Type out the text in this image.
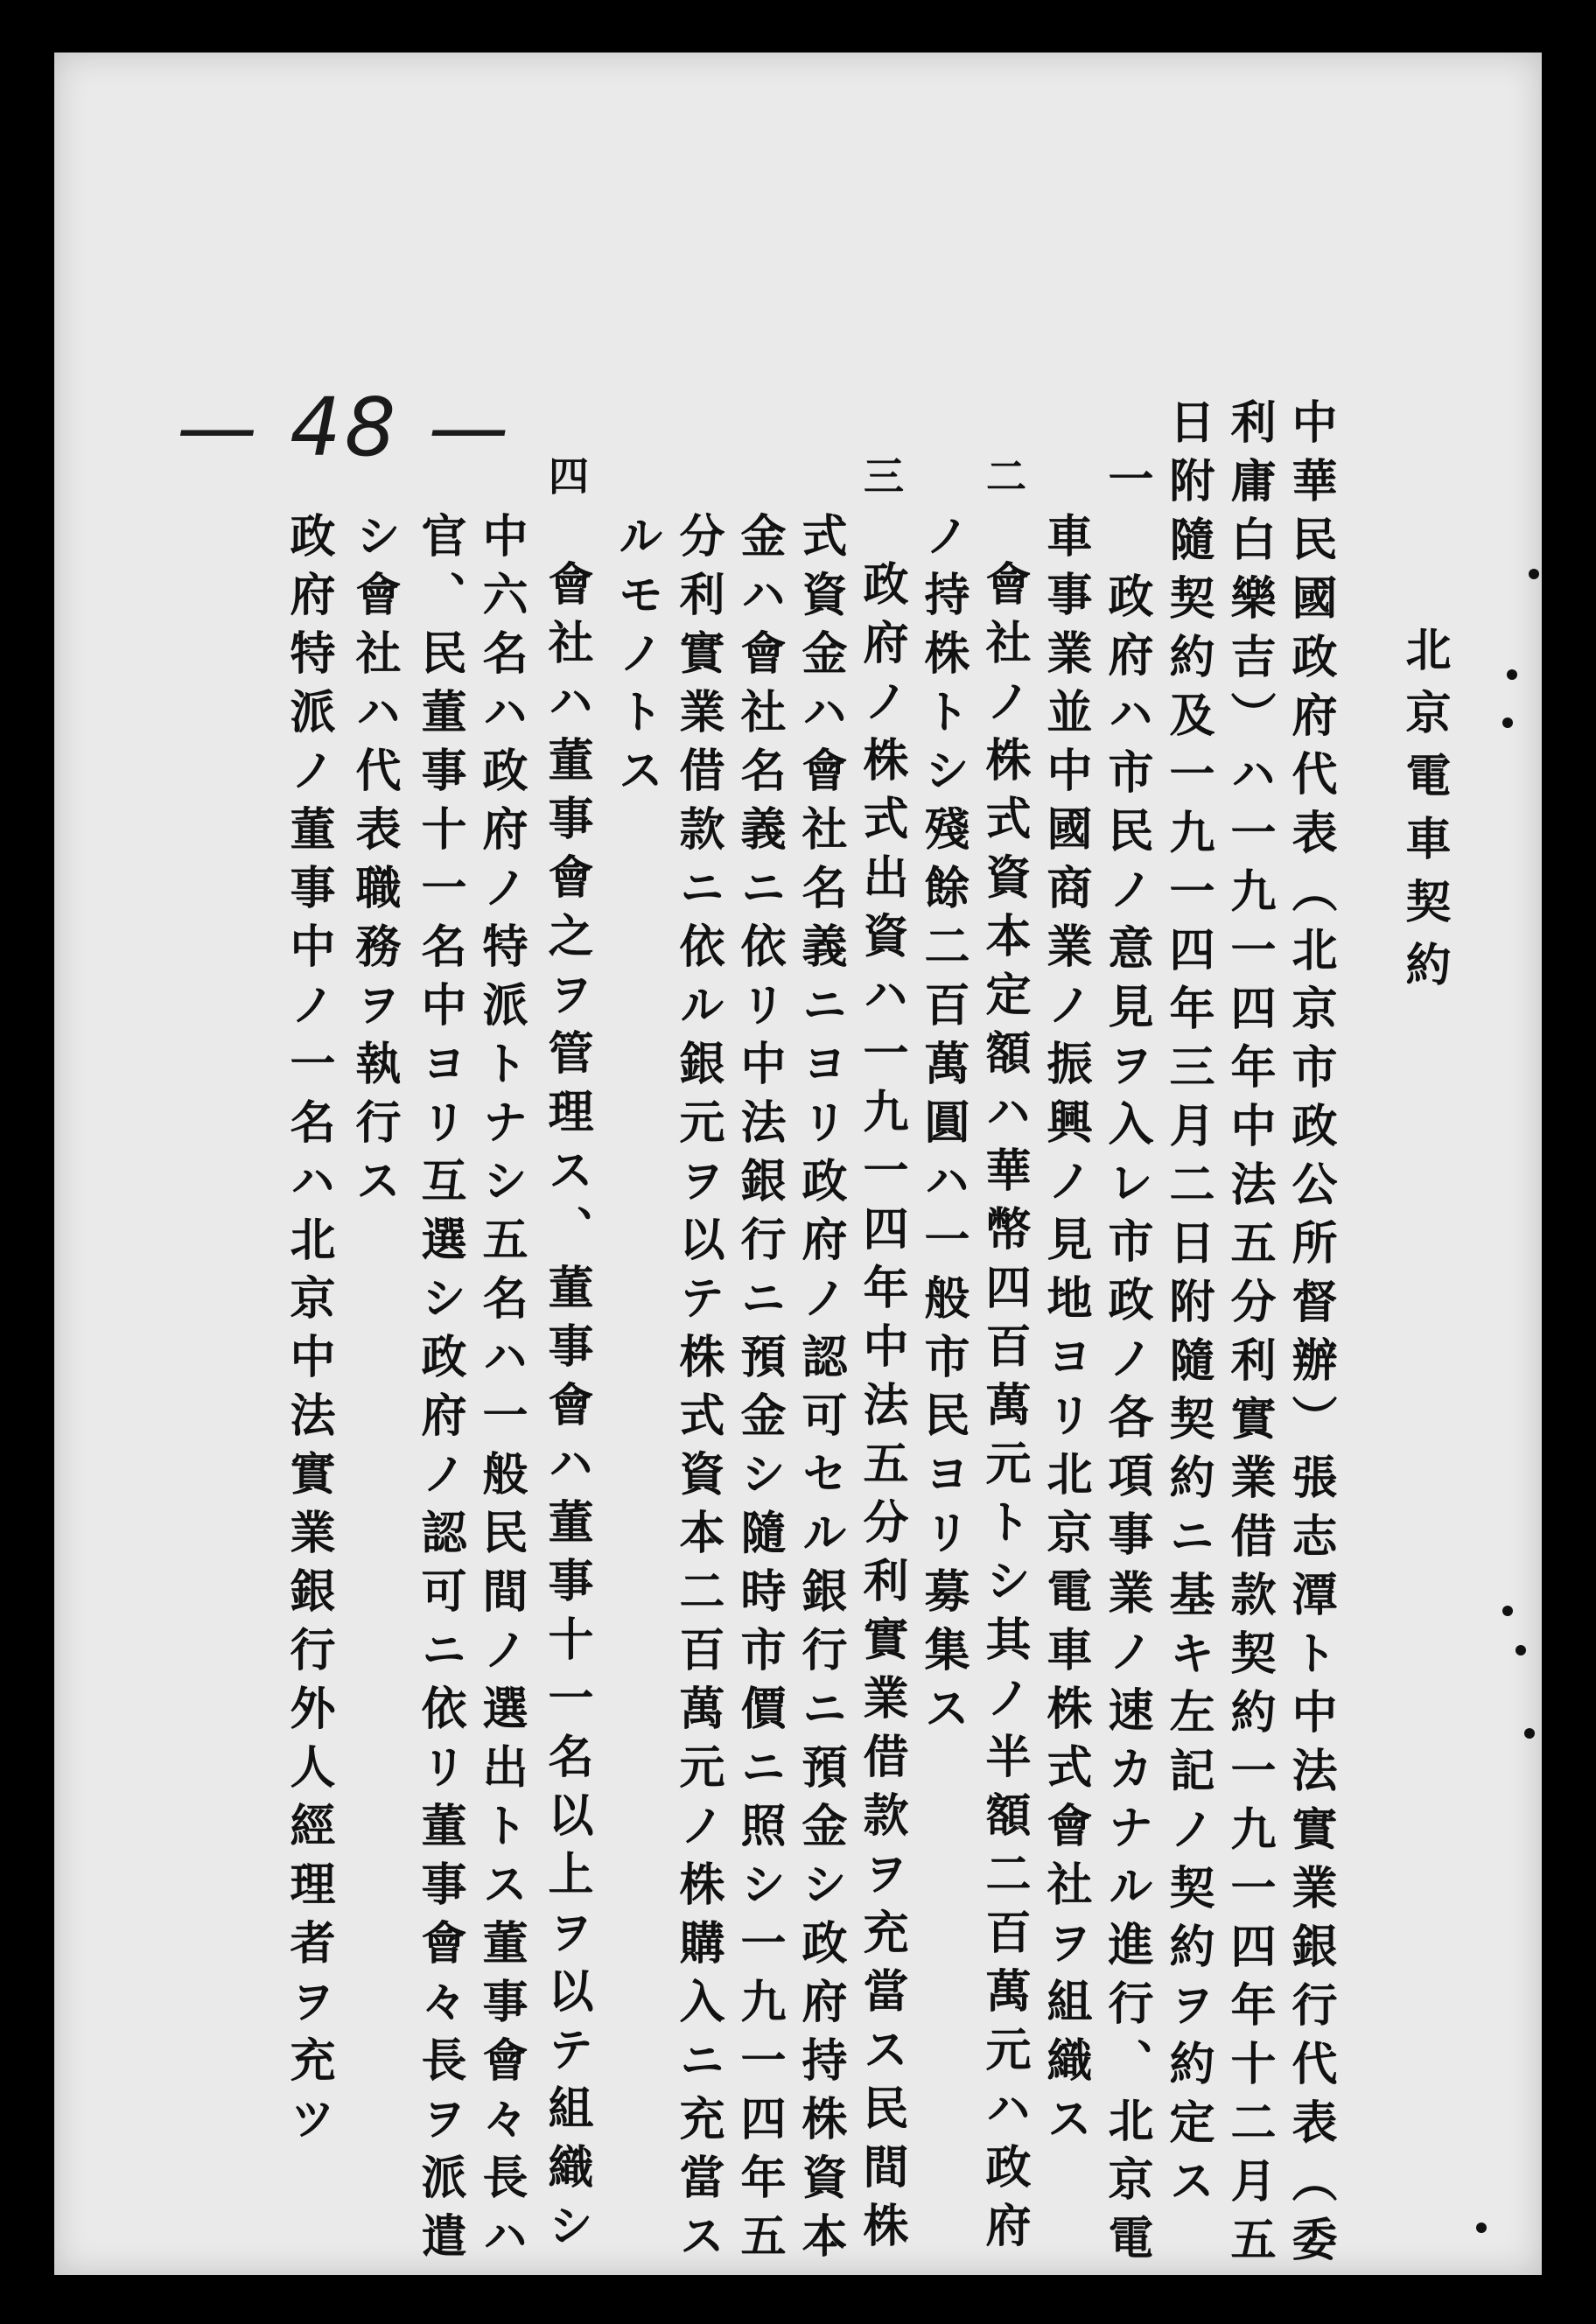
— 48 —
北京電車契約
中華民國政府代表（北京市政公所督辦）張志潭ト中法實業銀行代表（委
利庸白樂吉）ハ一九一四年中法五分利實業借款契約一九一四年十二月五
日附隨契約及一九一四年三月二日附隨契約ニ基キ左記ノ契約ヲ約定ス
一　政府ハ市民ノ意見ヲ入レ市政ノ各項事業ノ速カナル進行、北京電
車事業並中國商業ノ振興ノ見地ヨリ北京電車株式會社ヲ組織ス
二
會社ノ株式資本定額ハ華幣四百萬元トシ其ノ半額二百萬元ハ政府
ノ持株トシ殘餘二百萬圓ハ一般市民ヨリ募集ス
三
政府ノ株式出資ハ一九一四年中法五分利實業借款ヲ充當ス民間株
式資金ハ會社名義ニヨリ政府ノ認可セル銀行ニ預金シ政府持株資本
金ハ會社名義ニ依リ中法銀行ニ預金シ隨時市價ニ照シ一九一四年五
分利實業借款ニ依ル銀元ヲ以テ株式資本二百萬元ノ株購入ニ充當ス
ルモノトス
四
會社ハ董事會之ヲ管理ス、董事會ハ董事十一名以上ヲ以テ組織シ
中六名ハ政府ノ特派トナシ五名ハ一般民間ノ選出トス董事會々長ハ
官、民董事十一名中ヨリ互選シ政府ノ認可ニ依リ董事會々長ヲ派遣
シ會社ハ代表職務ヲ執行ス
政府特派ノ董事中ノ一名ハ北京中法實業銀行外人經理者ヲ充ツ
